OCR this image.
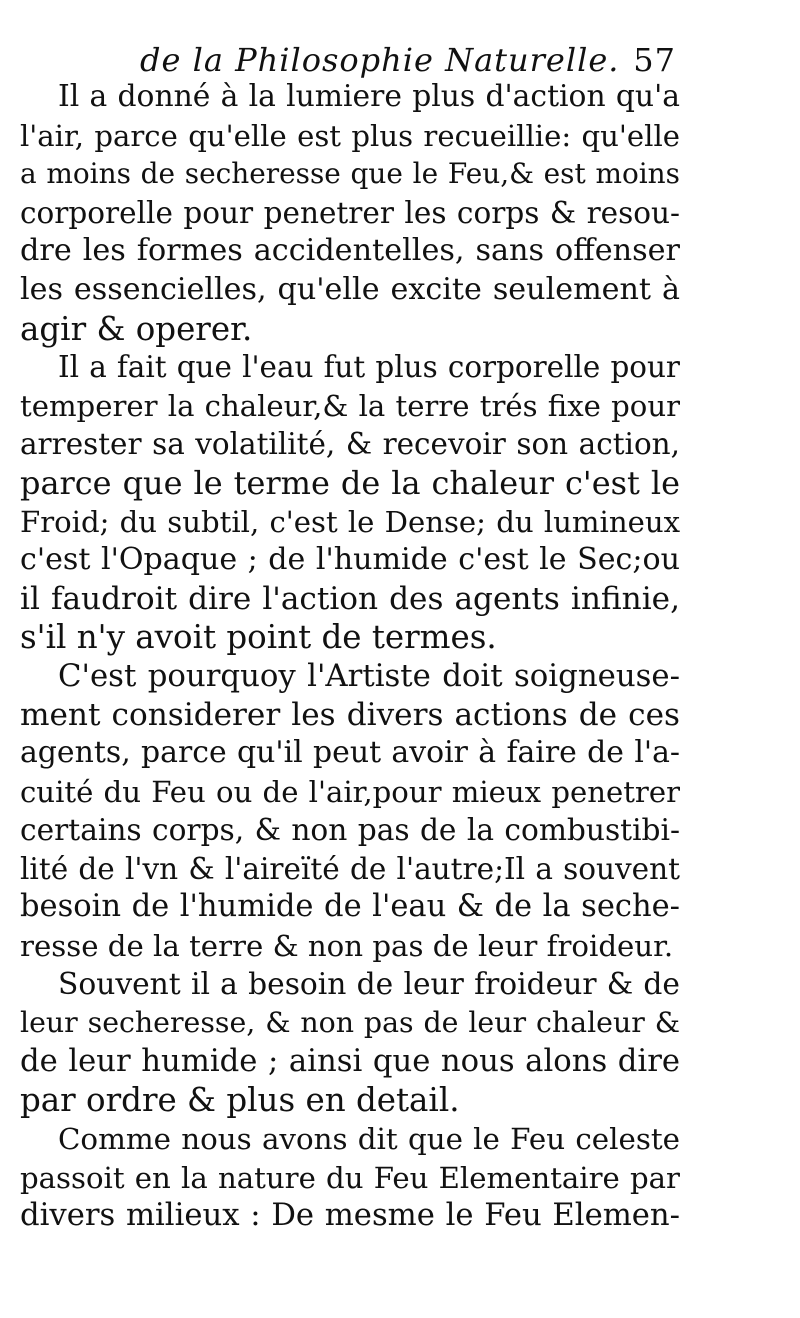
de la Philosophie Naturelle. 57
Il a donné à la lumiere plus d'action qu'a
l'air, parce qu'elle est plus recueillie: qu'elle
a moins de secheresse que le Feu,& est moins
corporelle pour penetrer les corps & resou-
dre les formes accidentelles, sans offenser
les essencielles, qu'elle excite seulement à
agir & operer.
Il a fait que l'eau fut plus corporelle pour
temperer la chaleur,& la terre trés fixe pour
arrester sa volatilité, & recevoir son action,
parce que le terme de la chaleur c'est le
Froid; du subtil, c'est le Dense; du lumineux
c'est l'Opaque ; de l'humide c'est le Sec;ou
il faudroit dire l'action des agents infinie,
s'il n'y avoit point de termes.
C'est pourquoy l'Artiste doit soigneuse-
ment considerer les divers actions de ces
agents, parce qu'il peut avoir à faire de l'a-
cuité du Feu ou de l'air,pour mieux penetrer
certains corps, & non pas de la combustibi-
lité de l'vn & l'aireïté de l'autre;Il a souvent
besoin de l'humide de l'eau & de la seche-
resse de la terre & non pas de leur froideur.
Souvent il a besoin de leur froideur & de
leur secheresse, & non pas de leur chaleur &
de leur humide ; ainsi que nous alons dire
par ordre & plus en detail.
Comme nous avons dit que le Feu celeste
passoit en la nature du Feu Elementaire par
divers milieux : De mesme le Feu Elemen-
